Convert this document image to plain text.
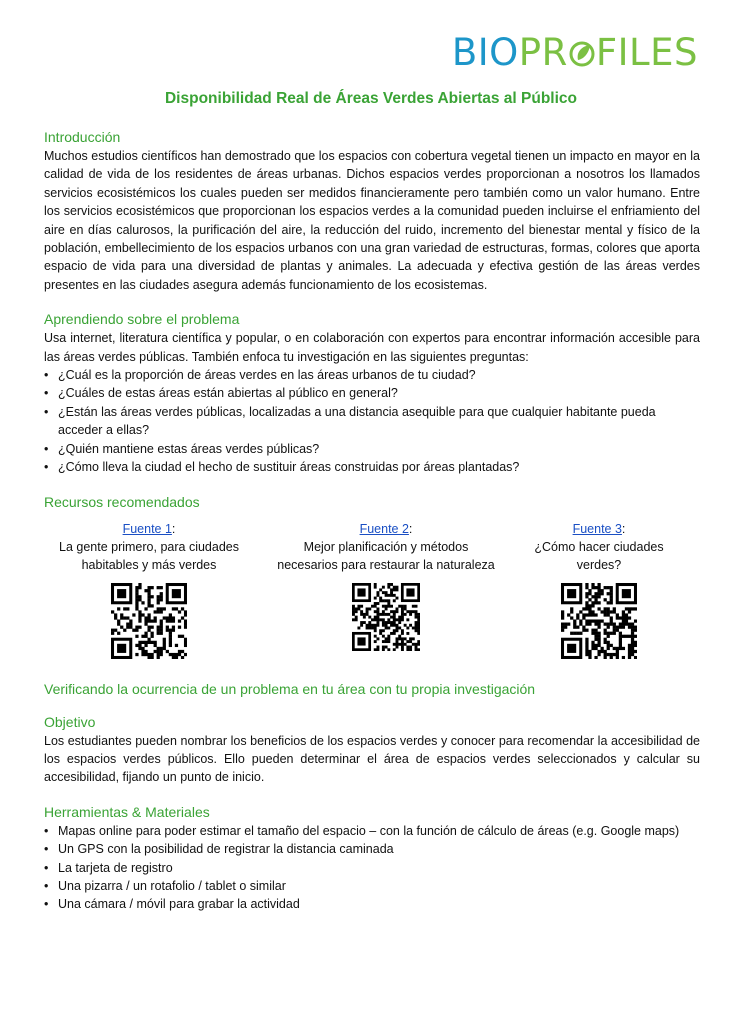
BIOPR FILES
Disponibilidad Real de Áreas Verdes Abiertas al Público
Introducción

Muchos estudios científicos han demostrado que los espacios con cobertura vegetal tienen un impacto en mayor en la calidad de vida de los residentes de áreas urbanas. Dichos espacios verdes proporcionan a nosotros los llamados servicios ecosistémicos los cuales pueden ser medidos financieramente pero también como un valor humano. Entre los servicios ecosistémicos que proporcionan los espacios verdes a la comunidad pueden incluirse el enfriamiento del aire en días calurosos, la purificación del aire, la reducción del ruido, incremento del bienestar mental y físico de la población, embellecimiento de los espacios urbanos con una gran variedad de estructuras, formas, colores que aporta espacio de vida para una diversidad de plantas y animales. La adecuada y efectiva gestión de las áreas verdes presentes en las ciudades asegura además funcionamiento de los ecosistemas.

Aprendiendo sobre el problema

Usa internet, literatura científica y popular, o en colaboración con expertos para encontrar información accesible para las áreas verdes públicas. También enfoca tu investigación en las siguientes preguntas:

• ¿Cuál es la proporción de áreas verdes en las áreas urbanos de tu ciudad?
• ¿Cuáles de estas áreas están abiertas al público en general?
• ¿Están las áreas verdes públicas, localizadas a una distancia asequible para que cualquier habitante pueda acceder a ellas?
• ¿Quién mantiene estas áreas verdes públicas?
• ¿Cómo lleva la ciudad el hecho de sustituir áreas construidas por áreas plantadas?
Recursos recomendados
Fuente 1:
La gente primero, para ciudades
habitables y más verdes
Fuente 2:
Mejor planificación y métodos
necesarios para restaurar la naturaleza
Fuente 3:
¿Cómo hacer ciudades
verdes?
Verificando la ocurrencia de un problema en tu área con tu propia investigación
Objetivo

Los estudiantes pueden nombrar los beneficios de los espacios verdes y conocer para recomendar la accesibilidad de los espacios verdes públicos. Ello pueden determinar el área de espacios verdes seleccionados y calcular su accesibilidad, fijando un punto de inicio.

Herramientas & Materiales
• Mapas online para poder estimar el tamaño del espacio – con la función de cálculo de áreas (e.g. Google maps)
• Un GPS con la posibilidad de registrar la distancia caminada
• La tarjeta de registro
• Una pizarra / un rotafolio / tablet o similar
• Una cámara / móvil para grabar la actividad
